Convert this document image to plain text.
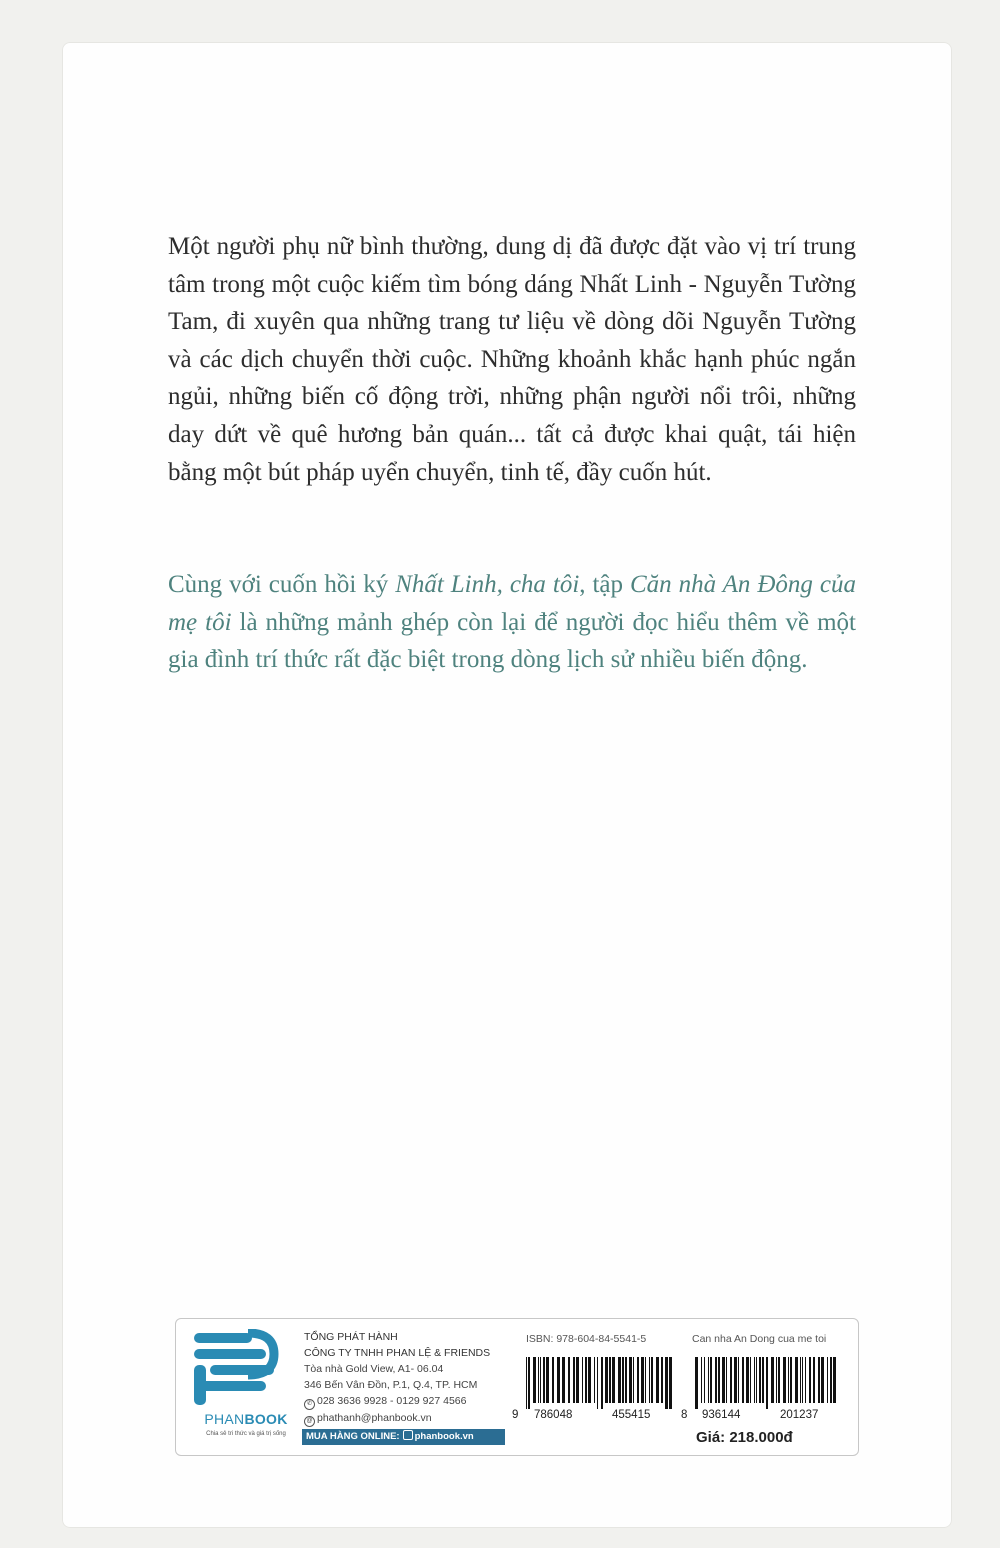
Một người phụ nữ bình thường, dung dị đã được đặt vào vị trí trung tâm trong một cuộc kiếm tìm bóng dáng Nhất Linh - Nguyễn Tường Tam, đi xuyên qua những trang tư liệu về dòng dõi Nguyễn Tường và các dịch chuyển thời cuộc. Những khoảnh khắc hạnh phúc ngắn ngủi, những biến cố động trời, những phận người nổi trôi, những day dứt về quê hương bản quán... tất cả được khai quật, tái hiện bằng một bút pháp uyển chuyển, tinh tế, đầy cuốn hút.

Cùng với cuốn hồi ký Nhất Linh, cha tôi, tập Căn nhà An Đông của mẹ tôi là những mảnh ghép còn lại để người đọc hiểu thêm về một gia đình trí thức rất đặc biệt trong dòng lịch sử nhiều biến động.

PHANBOOK
Chia sẻ tri thức và giá trị sống
TỔNG PHÁT HÀNH
CÔNG TY TNHH PHAN LỆ & FRIENDS
Tòa nhà Gold View, A1- 06.04
346 Bến Vân Đồn, P.1, Q.4, TP. HCM
✆ 028 3636 9928 - 0129 927 4566
@ phathanh@phanbook.vn
MUA HÀNG ONLINE: phanbook.vn
ISBN: 978-604-84-5541-5	Can nha An Dong cua me toi
9 786048	455415	8 936144	201237
Giá: 218.000đ
